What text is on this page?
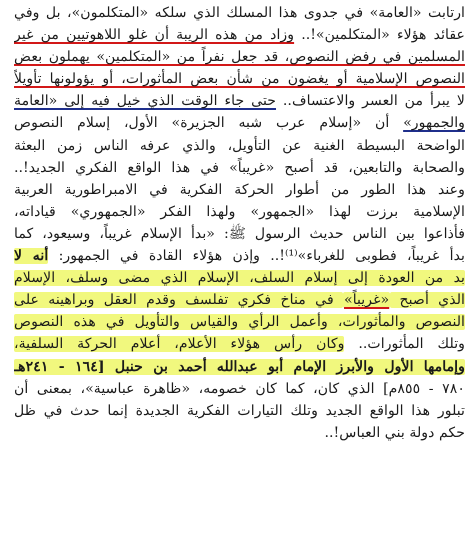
ارتابت «العامة» في جدوى هذا المسلك الذي سلكه «المتكلمون»، بل وفي
عقائد هؤلاء «المتكلمين»!.. وزاد من هذه الريبة أن غلو اللاهوتيين من غير
المسلمين في رفض النصوص، قد جعل نفراً من «المتكلمين» يهملون بعض
النصوص الإسلامية أو يغضون من شأن بعض المأثورات، أو يؤولونها تأويلاً
لا يبرأ من العسر والاعتساف.. حتى جاء الوقت الذي خيل فيه إلى «العامة
والجمهور» أن «إسلام عرب شبه الجزيرة» الأول، إسلام النصوص
الواضحة البسيطة الغنية عن التأويل، والذي عرفه الناس زمن البعثة
والصحابة والتابعين، قد أصبح «غريباً» في هذا الواقع الفكري الجديد!..
وعند هذا الطور من أطوار الحركة الفكرية في الامبراطورية العربية
الإسلامية برزت لهذا «الجمهور» ولهذا الفكر «الجمهوري» قياداته،
فأذاعوا بين الناس حديث الرسول ﷺ: «بدأ الإسلام غريباً، وسيعود، كما
بدأ غريباً، فطوبى للغرباء»⁽¹⁾!.. وإذن هؤلاء القادة في الجمهور: أنه لا
بد من العودة إلى إسلام السلف، الإسلام الذي مضى وسلف، الإسلام
الذي أصبح «غريباً» في مناخ فكري تفلسف وقدم العقل وبراهينه على
النصوص والمأثورات، وأعمل الرأي والقياس والتأويل في هذه النصوص
وتلك المأثورات.. وكان رأس هؤلاء الأعلام، أعلام الحركة السلفية،
وإمامها الأول والأبرز الإمام أبو عبدالله أحمد بن حنبل [١٦٤ - ٢٤١هـ
٧٨٠ - ٨٥٥م] الذي كان، كما كان خصومه، «ظاهرة عباسية»، بمعنى أن
تبلور هذا الواقع الجديد وتلك التيارات الفكرية الجديدة إنما حدث في ظل
حكم دولة بني العباس!..
